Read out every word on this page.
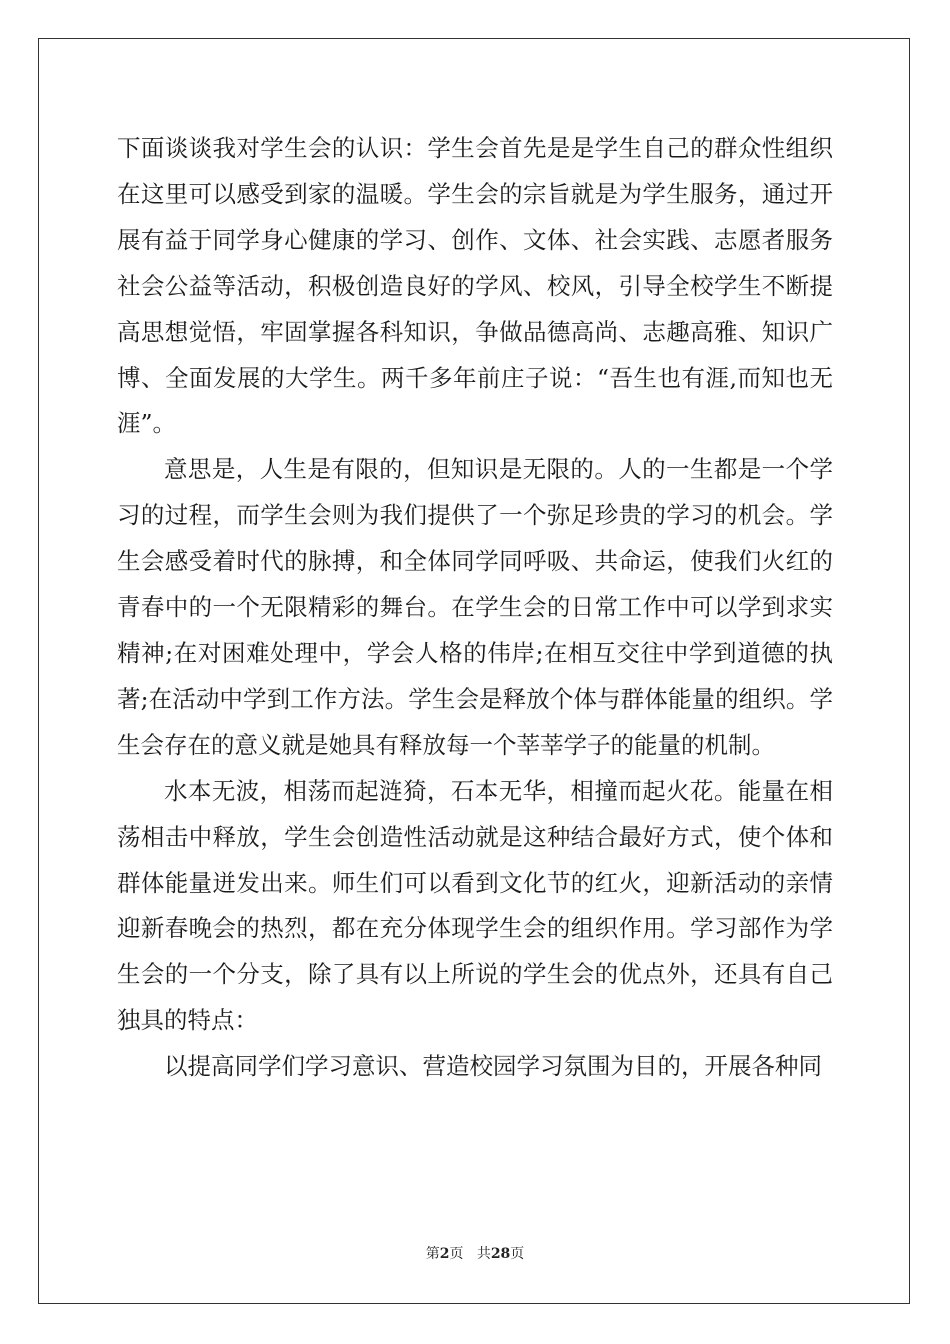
下面谈谈我对学生会的认识：学生会首先是是学生自己的群众性组织在这里可以感受到家的温暖。学生会的宗旨就是为学生服务，通过开展有益于同学身心健康的学习、创作、文体、社会实践、志愿者服务社会公益等活动，积极创造良好的学风、校风，引导全校学生不断提高思想觉悟，牢固掌握各科知识，争做品德高尚、志趣高雅、知识广博、全面发展的大学生。两千多年前庄子说：“吾生也有涯,而知也无涯”。

意思是，人生是有限的，但知识是无限的。人的一生都是一个学习的过程，而学生会则为我们提供了一个弥足珍贵的学习的机会。学生会感受着时代的脉搏，和全体同学同呼吸、共命运，使我们火红的青春中的一个无限精彩的舞台。在学生会的日常工作中可以学到求实精神;在对困难处理中，学会人格的伟岸;在相互交往中学到道德的执著;在活动中学到工作方法。学生会是释放个体与群体能量的组织。学生会存在的意义就是她具有释放每一个莘莘学子的能量的机制。

水本无波，相荡而起涟猗，石本无华，相撞而起火花。能量在相荡相击中释放，学生会创造性活动就是这种结合最好方式，使个体和群体能量迸发出来。师生们可以看到文化节的红火，迎新活动的亲情迎新春晚会的热烈，都在充分体现学生会的组织作用。学习部作为学生会的一个分支，除了具有以上所说的学生会的优点外，还具有自己独具的特点：

以提高同学们学习意识、营造校园学习氛围为目的，开展各种同

第2页 共28页
